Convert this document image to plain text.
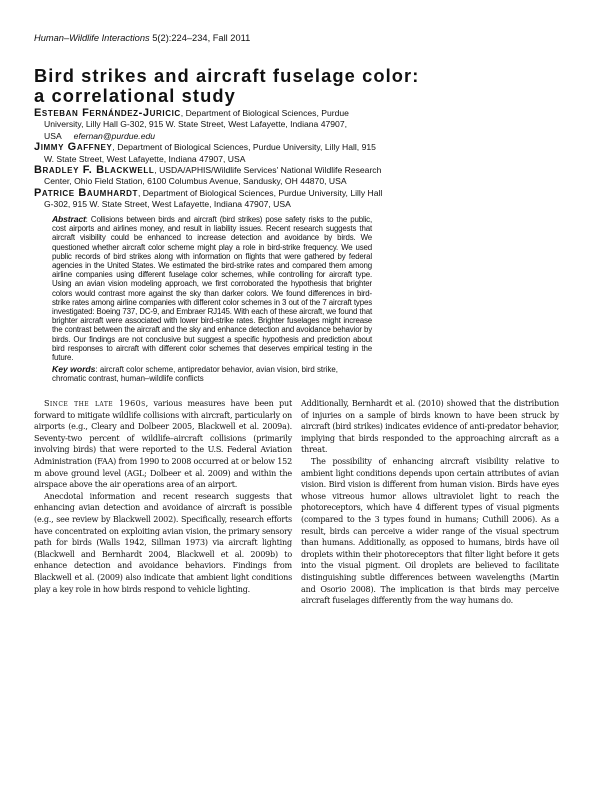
Human–Wildlife Interactions 5(2):224–234, Fall 2011
Bird strikes and aircraft fuselage color:
a correlational study

Esteban Fernández-Juricic, Department of Biological Sciences, Purdue University, Lilly Hall G-302, 915 W. State Street, West Lafayette, Indiana 47907, USA efernan@purdue.edu

Jimmy Gaffney, Department of Biological Sciences, Purdue University, Lilly Hall, 915 W. State Street, West Lafayette, Indiana 47907, USA

Bradley F. Blackwell, USDA/APHIS/Wildlife Services' National Wildlife Research Center, Ohio Field Station, 6100 Columbus Avenue, Sandusky, OH 44870, USA

Patrice Baumhardt, Department of Biological Sciences, Purdue University, Lilly Hall G-302, 915 W. State Street, West Lafayette, Indiana 47907, USA

Abstract: Collisions between birds and aircraft (bird strikes) pose safety risks to the public, cost airports and airlines money, and result in liability issues. Recent research suggests that aircraft visibility could be enhanced to increase detection and avoidance by birds. We questioned whether aircraft color scheme might play a role in bird-strike frequency. We used public records of bird strikes along with information on flights that were gathered by federal agencies in the United States. We estimated the bird-strike rates and compared them among airline companies using different fuselage color schemes, while controlling for aircraft type. Using an avian vision modeling approach, we first corroborated the hypothesis that brighter colors would contrast more against the sky than darker colors. We found differences in bird-strike rates among airline companies with different color schemes in 3 out of the 7 aircraft types investigated: Boeing 737, DC-9, and Embraer RJ145. With each of these aircraft, we found that brighter aircraft were associated with lower bird-strike rates. Brighter fuselages might increase the contrast between the aircraft and the sky and enhance detection and avoidance behavior by birds. Our findings are not conclusive but suggest a specific hypothesis and prediction about bird responses to aircraft with different color schemes that deserves empirical testing in the future.

Key words: aircraft color scheme, antipredator behavior, avian vision, bird strike, chromatic contrast, human–wildlife conflicts

Since the late 1960s, various measures have been put forward to mitigate wildlife collisions with aircraft, particularly on airports (e.g., Cleary and Dolbeer 2005, Blackwell et al. 2009a). Seventy-two percent of wildlife–aircraft collisions (primarily involving birds) that were reported to the U.S. Federal Aviation Administration (FAA) from 1990 to 2008 occurred at or below 152 m above ground level (AGL; Dolbeer et al. 2009) and within the airspace above the air operations area of an airport.

Anecdotal information and recent research suggests that enhancing avian detection and avoidance of aircraft is possible (e.g., see review by Blackwell 2002). Specifically, research efforts have concentrated on exploiting avian vision, the primary sensory path for birds (Walls 1942, Sillman 1973) via aircraft lighting (Blackwell and Bernhardt 2004, Blackwell et al. 2009b) to enhance detection and avoidance behaviors. Findings from Blackwell et al. (2009) also indicate that ambient light conditions play a key role in how birds respond to vehicle lighting.

Additionally, Bernhardt et al. (2010) showed that the distribution of injuries on a sample of birds known to have been struck by aircraft (bird strikes) indicates evidence of anti-predator behavior, implying that birds responded to the approaching aircraft as a threat.

The possibility of enhancing aircraft visibility relative to ambient light conditions depends upon certain attributes of avian vision. Bird vision is different from human vision. Birds have eyes whose vitreous humor allows ultraviolet light to reach the photoreceptors, which have 4 different types of visual pigments (compared to the 3 types found in humans; Cuthill 2006). As a result, birds can perceive a wider range of the visual spectrum than humans. Additionally, as opposed to humans, birds have oil droplets within their photoreceptors that filter light before it gets into the visual pigment. Oil droplets are believed to facilitate distinguishing subtle differences between wavelengths (Martin and Osorio 2008). The implication is that birds may perceive aircraft fuselages differently from the way humans do.
